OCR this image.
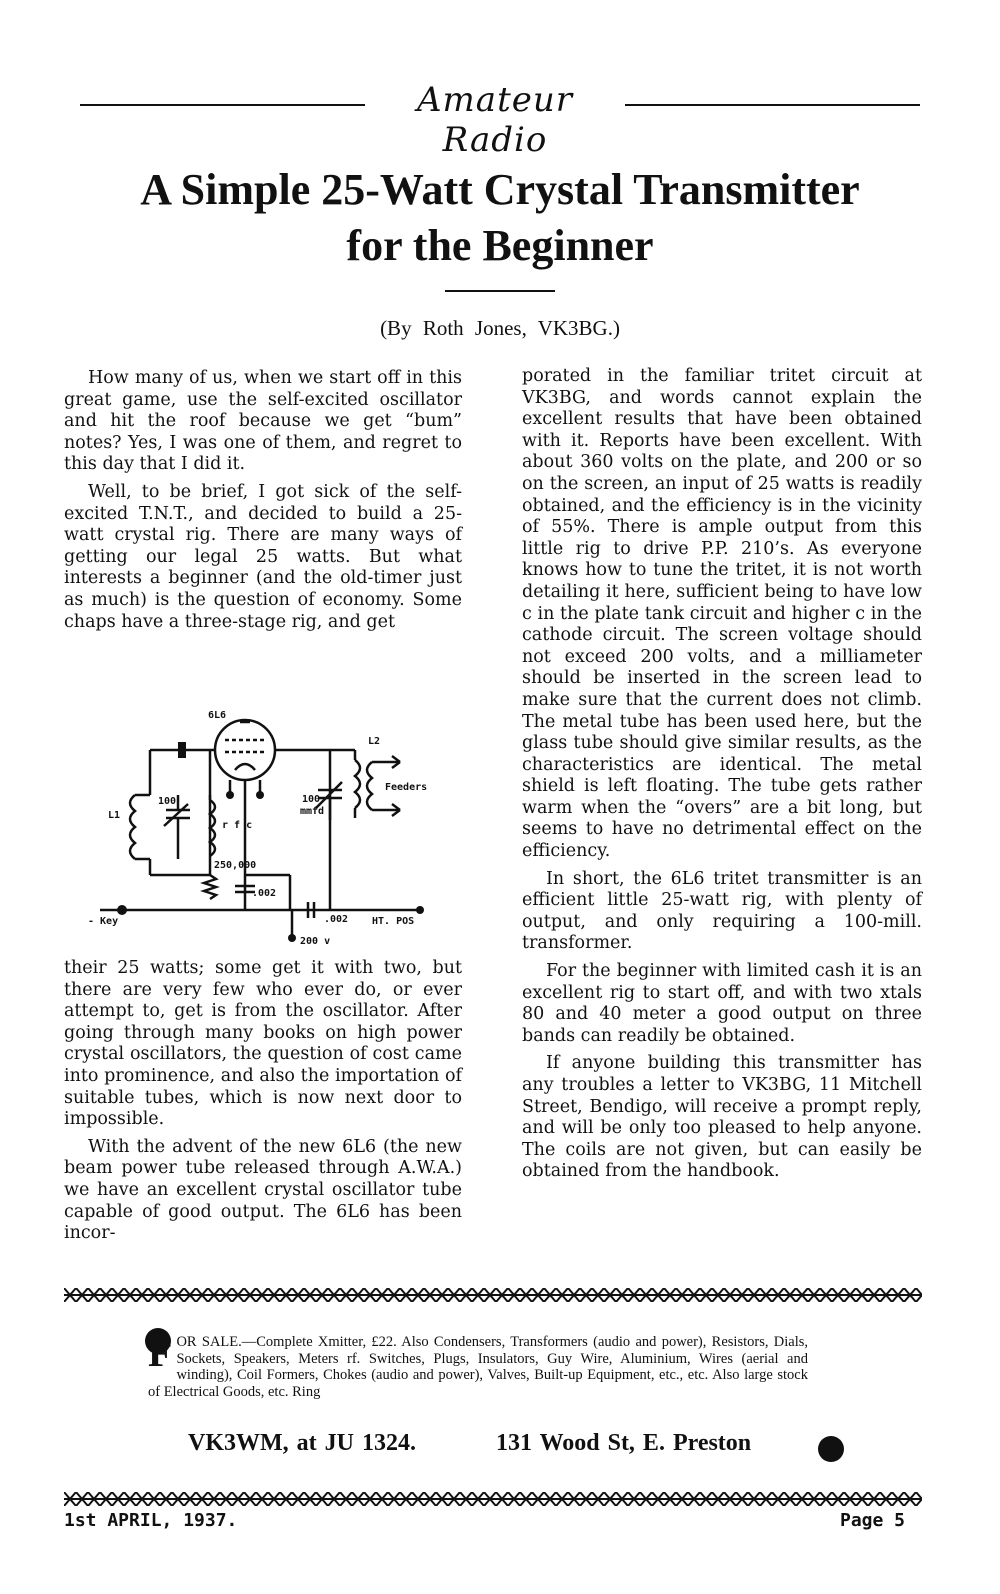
Amateur Radio
A Simple 25-Watt Crystal Transmitter
for the Beginner
(By Roth Jones, VK3BG.)

How many of us, when we start off in this great game, use the self-excited oscillator and hit the roof because we get “bum” notes? Yes, I was one of them, and regret to this day that I did it.

Well, to be brief, I got sick of the self-excited T.N.T., and decided to build a 25-watt crystal rig. There are many ways of getting our legal 25 watts. But what interests a beginner (and the old-timer just as much) is the question of economy. Some chaps have a three-stage rig, and get

6L6
L1
100
r f c
L2
Feeders
100
mmfd
250,000
.002
.002
- Key	HT. POS
200 v

their 25 watts; some get it with two, but there are very few who ever do, or ever attempt to, get is from the oscillator. After going through many books on high power crystal oscillators, the question of cost came into prominence, and also the importation of suitable tubes, which is now next door to impossible.

With the advent of the new 6L6 (the new beam power tube released through A.W.A.) we have an excellent crystal oscillator tube capable of good output. The 6L6 has been incor-

porated in the familiar tritet circuit at VK3BG, and words cannot explain the excellent results that have been obtained with it. Reports have been excellent. With about 360 volts on the plate, and 200 or so on the screen, an input of 25 watts is readily obtained, and the efficiency is in the vicinity of 55%. There is ample output from this little rig to drive P.P. 210’s. As everyone knows how to tune the tritet, it is not worth detailing it here, sufficient being to have low c in the plate tank circuit and higher c in the cathode circuit. The screen voltage should not exceed 200 volts, and a milliameter should be inserted in the screen lead to make sure that the current does not climb. The metal tube has been used here, but the glass tube should give similar results, as the characteristics are identical. The metal shield is left floating. The tube gets rather warm when the “overs” are a bit long, but seems to have no detrimental effect on the efficiency.

In short, the 6L6 tritet transmitter is an efficient little 25-watt rig, with plenty of output, and only requiring a 100-mill. transformer.

For the beginner with limited cash it is an excellent rig to start off, and with two xtals 80 and 40 meter a good output on three bands can readily be obtained.

If anyone building this transmitter has any troubles a letter to VK3BG, 11 Mitchell Street, Bendigo, will receive a prompt reply, and will be only too pleased to help anyone. The coils are not given, but can easily be obtained from the handbook.

FOR SALE.—Complete Xmitter, £22. Also Condensers, Transformers (audio and power), Resistors, Dials, Sockets, Speakers, Meters rf. Switches, Plugs, Insulators, Guy Wire, Aluminium, Wires (aerial and winding), Coil Formers, Chokes (audio and power), Valves, Built-up Equipment, etc., etc. Also large stock of Electrical Goods, etc. Ring
VK3WM, at JU 1324.	131 Wood St, E. Preston
1st APRIL, 1937.	Page 5
